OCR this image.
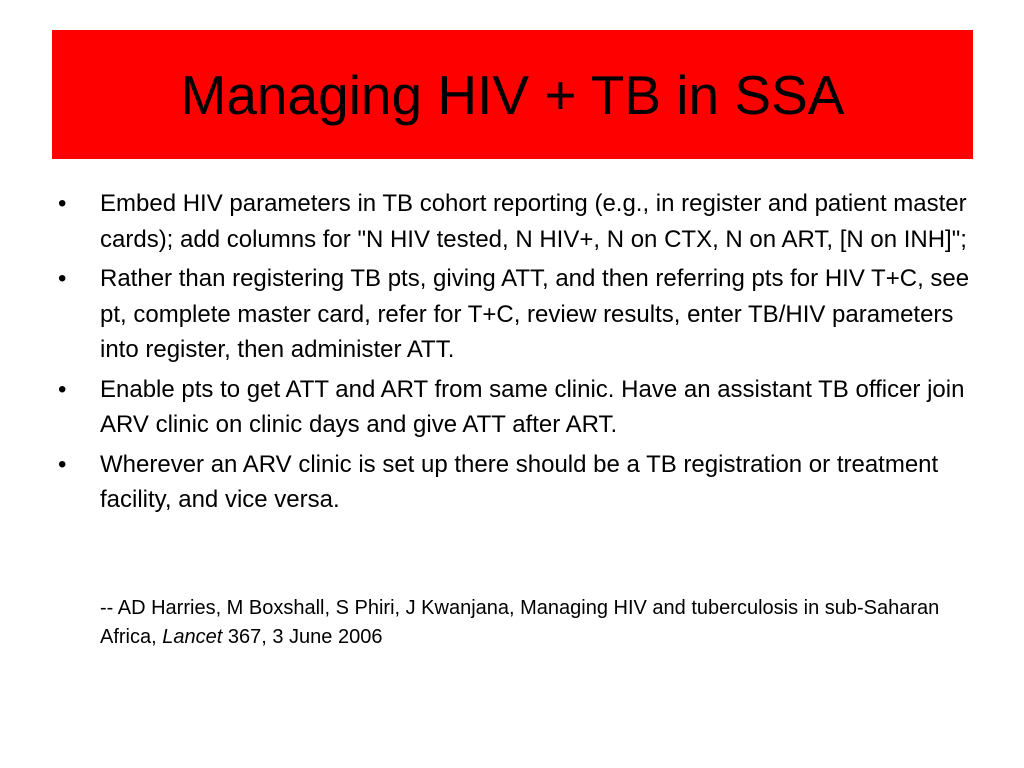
Managing HIV + TB in SSA
• Embed HIV parameters in TB cohort reporting (e.g., in register and patient master cards); add columns for "N HIV tested, N HIV+, N on CTX, N on ART, [N on INH]";
• Rather than registering TB pts, giving ATT, and then referring pts for HIV T+C, see pt, complete master card, refer for T+C, review results, enter TB/HIV parameters into register, then administer ATT.
• Enable pts to get ATT and ART from same clinic. Have an assistant TB officer join ARV clinic on clinic days and give ATT after ART.
• Wherever an ARV clinic is set up there should be a TB registration or treatment facility, and vice versa.
-- AD Harries, M Boxshall, S Phiri, J Kwanjana, Managing HIV and tuberculosis in sub-Saharan Africa, Lancet 367, 3 June 2006
